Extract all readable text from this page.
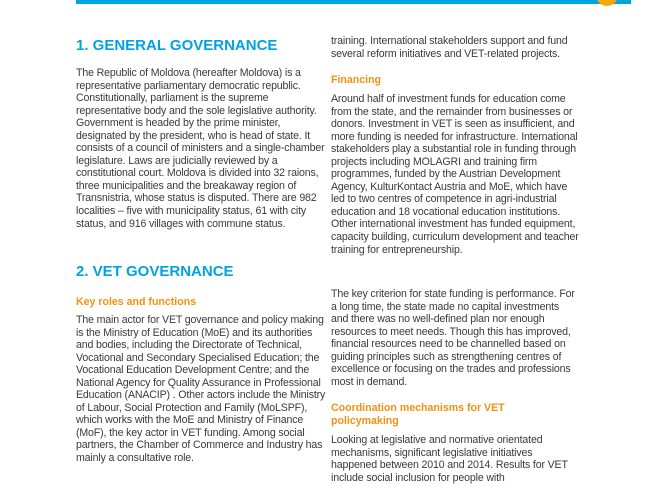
1. GENERAL GOVERNANCE

The Republic of Moldova (hereafter Moldova) is a representative parliamentary democratic republic. Constitutionally, parliament is the supreme representative body and the sole legislative authority. Government is headed by the prime minister, designated by the president, who is head of state. It consists of a council of ministers and a single-chamber legislature. Laws are judicially reviewed by a constitutional court. Moldova is divided into 32 raions, three municipalities and the breakaway region of Transnistria, whose status is disputed. There are 982 localities – five with municipality status, 61 with city status, and 916 villages with commune status.

2. VET GOVERNANCE
Key roles and functions

The main actor for VET governance and policy making is the Ministry of Education (MoE) and its authorities and bodies, including the Directorate of Technical, Vocational and Secondary Specialised Education; the Vocational Education Development Centre; and the National Agency for Quality Assurance in Professional Education (ANACIP) . Other actors include the Ministry of Labour, Social Protection and Family (MoLSPF), which works with the MoE and Ministry of Finance (MoF), the key actor in VET funding. Among social partners, the Chamber of Commerce and Industry has mainly a consultative role.

training. International stakeholders support and fund several reform initiatives and VET-related projects.

Financing

Around half of investment funds for education come from the state, and the remainder from businesses or donors. Investment in VET is seen as insufficient, and more funding is needed for infrastructure. International stakeholders play a substantial role in funding through projects including MOLAGRI and training firm programmes, funded by the Austrian Development Agency, KulturKontact Austria and MoE, which have led to two centres of competence in agri-industrial education and 18 vocational education institutions. Other international investment has funded equipment, capacity building, curriculum development and teacher training for entrepreneurship.

The key criterion for state funding is performance. For a long time, the state made no capital investments and there was no well-defined plan nor enough resources to meet needs. Though this has improved, financial resources need to be channelled based on guiding principles such as strengthening centres of excellence or focusing on the trades and professions most in demand.

Coordination mechanisms for VET policymaking

Looking at legislative and normative orientated mechanisms, significant legislative initiatives happened between 2010 and 2014. Results for VET include social inclusion for people with
